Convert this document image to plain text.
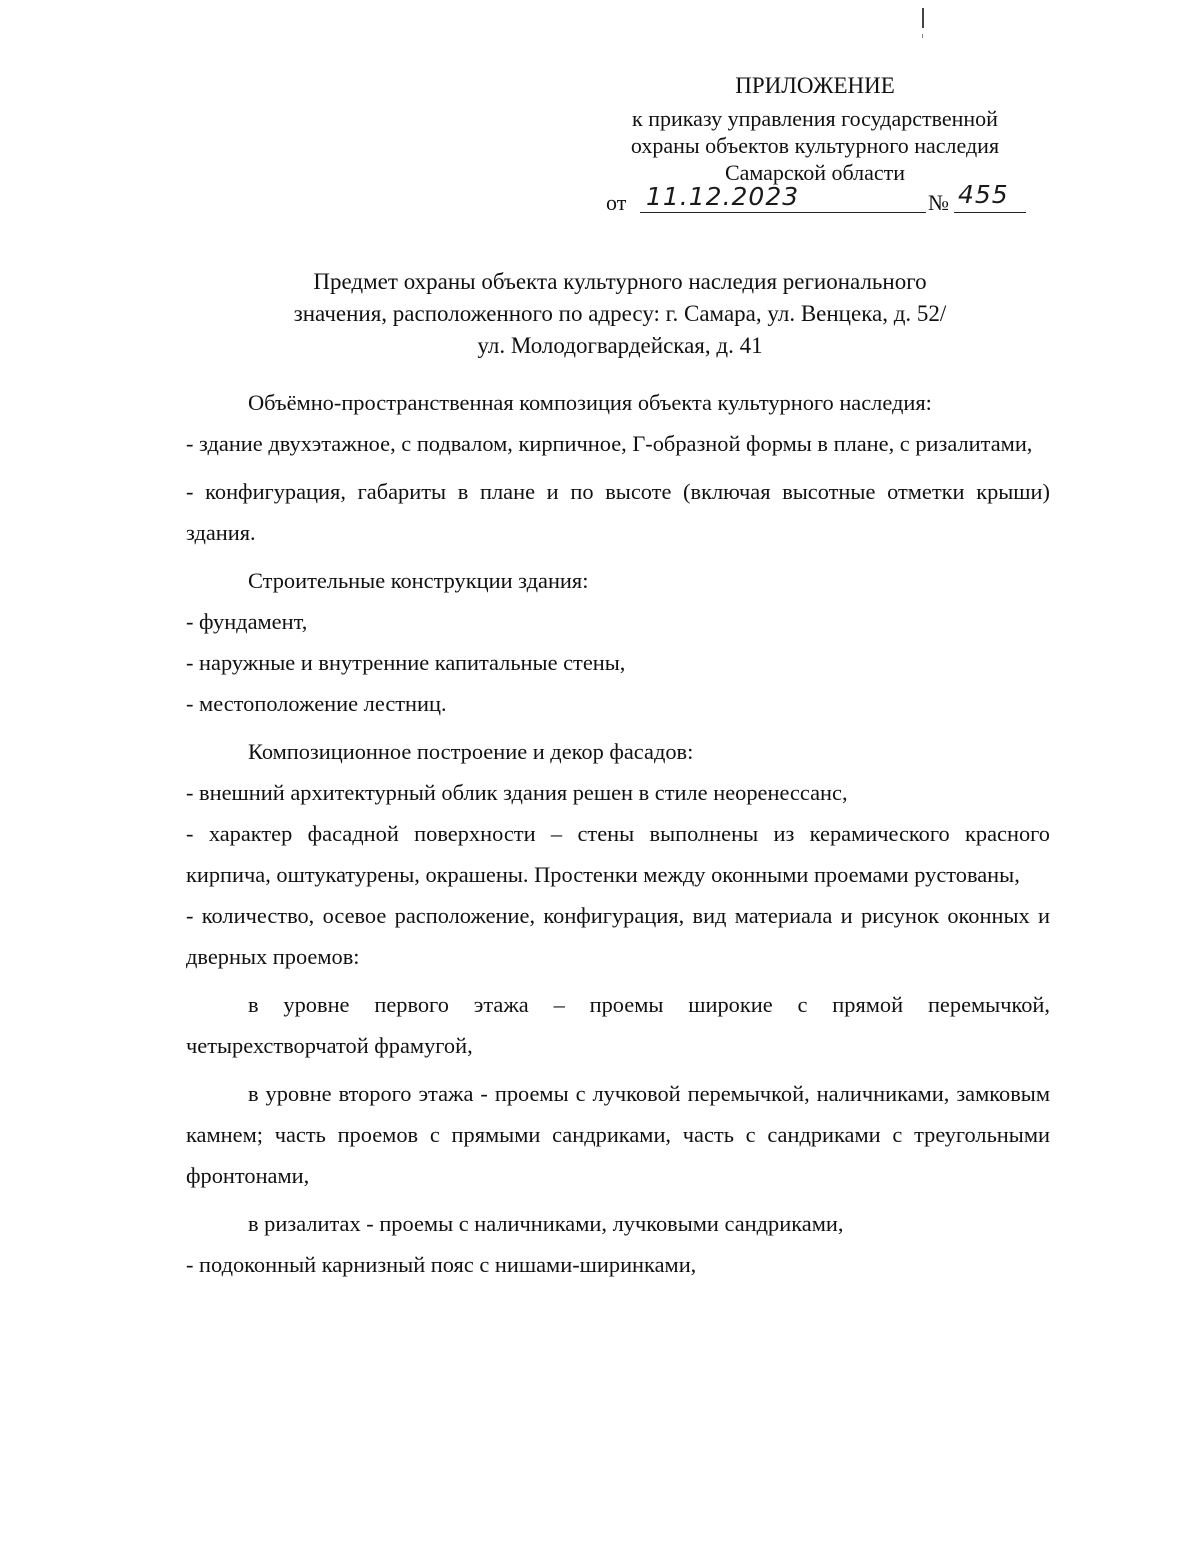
ПРИЛОЖЕНИЕ
к приказу управления государственной
охраны объектов культурного наследия
Самарской области
от 11.12.2023	№ 455
Предмет охраны объекта культурного наследия регионального
значения, расположенного по адресу: г. Самара, ул. Венцека, д. 52/
ул. Молодогвардейская, д. 41

Объёмно-пространственная композиция объекта культурного наследия:

- здание двухэтажное, с подвалом, кирпичное, Г-образной формы в плане, с ризалитами,

- конфигурация, габариты в плане и по высоте (включая высотные отметки крыши) здания.

Строительные конструкции здания:

- фундамент,

- наружные и внутренние капитальные стены,

- местоположение лестниц.

Композиционное построение и декор фасадов:

- внешний архитектурный облик здания решен в стиле неоренессанс,

- характер фасадной поверхности – стены выполнены из керамического красного кирпича, оштукатурены, окрашены. Простенки между оконными проемами рустованы,

- количество, осевое расположение, конфигурация, вид материала и рисунок оконных и дверных проемов:

в уровне первого этажа – проемы широкие с прямой перемычкой, четырехстворчатой фрамугой,

в уровне второго этажа - проемы с лучковой перемычкой, наличниками, замковым камнем; часть проемов с прямыми сандриками, часть с сандриками с треугольными фронтонами,

в ризалитах - проемы с наличниками, лучковыми сандриками,

- подоконный карнизный пояс с нишами-ширинками,
